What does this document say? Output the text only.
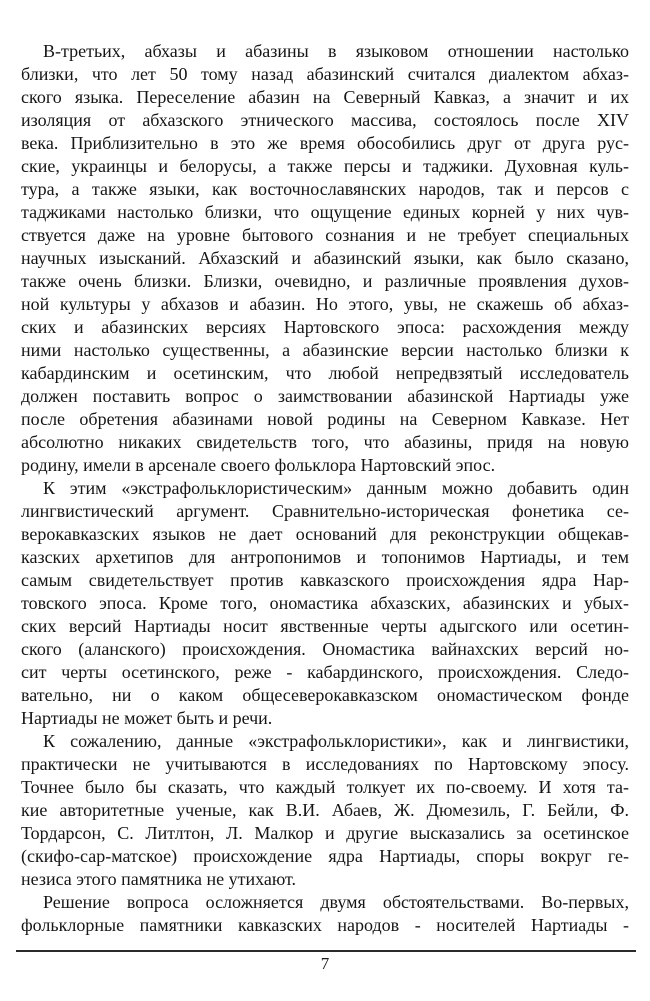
В-третьих, абхазы и абазины в языковом отношении настолько
близки, что лет 50 тому назад абазинский считался диалектом абхаз-
ского языка. Переселение абазин на Северный Кавказ, а значит и их
изоляция от абхазского этнического массива, состоялось после XIV
века. Приблизительно в это же время обособились друг от друга рус-
ские, украинцы и белорусы, а также персы и таджики. Духовная куль-
тура, а также языки, как восточнославянских народов, так и персов с
таджиками настолько близки, что ощущение единых корней у них чув-
ствуется даже на уровне бытового сознания и не требует специальных
научных изысканий. Абхазский и абазинский языки, как было сказано,
также очень близки. Близки, очевидно, и различные проявления духов-
ной культуры у абхазов и абазин. Но этого, увы, не скажешь об абхаз-
ских и абазинских версиях Нартовского эпоса: расхождения между
ними настолько существенны, а абазинские версии настолько близки к
кабардинским и осетинским, что любой непредвзятый исследователь
должен поставить вопрос о заимствовании абазинской Нартиады уже
после обретения абазинами новой родины на Северном Кавказе. Нет
абсолютно никаких свидетельств того, что абазины, придя на новую
родину, имели в арсенале своего фольклора Нартовский эпос.
К этим «экстрафольклористическим» данным можно добавить один
лингвистический аргумент. Сравнительно-историческая фонетика се-
верокавказских языков не дает оснований для реконструкции общекав-
казских архетипов для антропонимов и топонимов Нартиады, и тем
самым свидетельствует против кавказского происхождения ядра Нар-
товского эпоса. Кроме того, ономастика абхазских, абазинских и убых-
ских версий Нартиады носит явственные черты адыгского или осетин-
ского (аланского) происхождения. Ономастика вайнахских версий но-
сит черты осетинского, реже - кабардинского, происхождения. Следо-
вательно, ни о каком общесеверокавказском ономастическом фонде
Нартиады не может быть и речи.
К сожалению, данные «экстрафольклористики», как и лингвистики,
практически не учитываются в исследованиях по Нартовскому эпосу.
Точнее было бы сказать, что каждый толкует их по-своему. И хотя та-
кие авторитетные ученые, как В.И. Абаев, Ж. Дюмезиль, Г. Бейли, Ф.
Тордарсон, С. Литлтон, Л. Малкор и другие высказались за осетинское
(скифо-сар-матское) происхождение ядра Нартиады, споры вокруг ге-
незиса этого памятника не утихают.
Решение вопроса осложняется двумя обстоятельствами. Во-первых,
фольклорные памятники кавказских народов - носителей Нартиады -
7
